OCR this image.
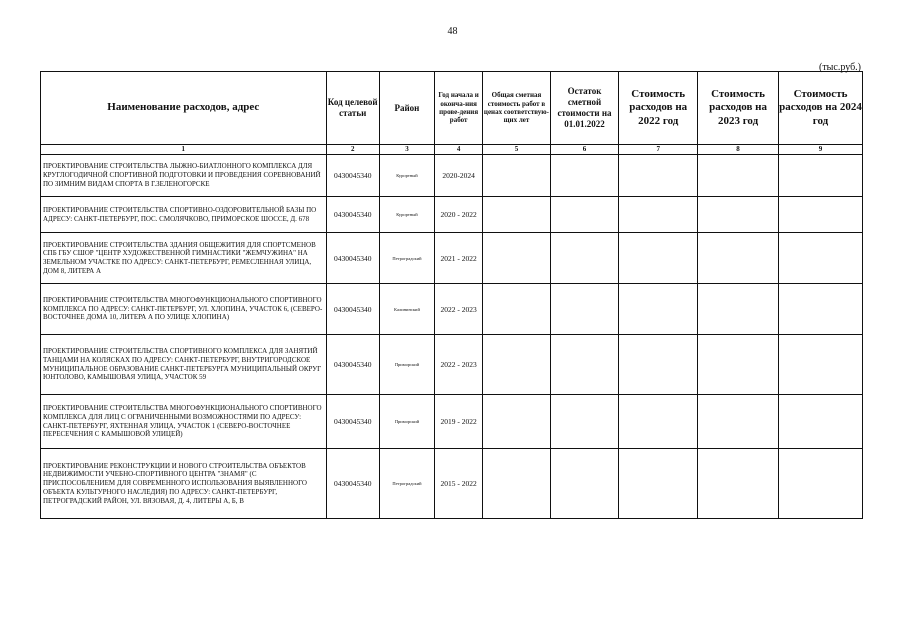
48
(тыс.руб.)
Наименование расходов, адрес	Код целевой статьи	Район	Год начала и оконча-ния прове-дения работ	Общая сметная стоимость работ в ценах соответствую-щих лет	Остаток сметной стоимости на 01.01.2022	Стоимость расходов на 2022 год	Стоимость расходов на 2023 год	Стоимость расходов на 2024 год
1	2	3	4	5	6	7	8	9
ПРОЕКТИРОВАНИЕ СТРОИТЕЛЬСТВА ЛЫЖНО-БИАТЛОННОГО КОМПЛЕКСА ДЛЯ КРУГЛОГОДИЧНОЙ СПОРТИВНОЙ ПОДГОТОВКИ И ПРОВЕДЕНИЯ СОРЕВНОВАНИЙ ПО ЗИМНИМ ВИДАМ СПОРТА В Г.ЗЕЛЕНОГОРСКЕ	0430045340	Курортный	2020-2024					
ПРОЕКТИРОВАНИЕ СТРОИТЕЛЬСТВА СПОРТИВНО-ОЗДОРОВИТЕЛЬНОЙ БАЗЫ ПО АДРЕСУ: САНКТ-ПЕТЕРБУРГ, ПОС. СМОЛЯЧКОВО, ПРИМОРСКОЕ ШОССЕ, Д. 678	0430045340	Курортный	2020 - 2022					
ПРОЕКТИРОВАНИЕ СТРОИТЕЛЬСТВА ЗДАНИЯ ОБЩЕЖИТИЯ ДЛЯ СПОРТСМЕНОВ СПБ ГБУ СШОР "ЦЕНТР ХУДОЖЕСТВЕННОЙ ГИМНАСТИКИ "ЖЕМЧУЖИНА" НА ЗЕМЕЛЬНОМ УЧАСТКЕ ПО АДРЕСУ: САНКТ-ПЕТЕРБУРГ, РЕМЕСЛЕННАЯ УЛИЦА, ДОМ 8, ЛИТЕРА А	0430045340	Петроградский	2021 - 2022					
ПРОЕКТИРОВАНИЕ СТРОИТЕЛЬСТВА МНОГОФУНКЦИОНАЛЬНОГО СПОРТИВНОГО КОМПЛЕКСА ПО АДРЕСУ: САНКТ-ПЕТЕРБУРГ, УЛ. ХЛОПИНА, УЧАСТОК 6, (СЕВЕРО-ВОСТОЧНЕЕ ДОМА 10, ЛИТЕРА А ПО УЛИЦЕ ХЛОПИНА)	0430045340	Калининский	2022 - 2023					
ПРОЕКТИРОВАНИЕ СТРОИТЕЛЬСТВА СПОРТИВНОГО КОМПЛЕКСА ДЛЯ ЗАНЯТИЙ ТАНЦАМИ НА КОЛЯСКАХ ПО АДРЕСУ: САНКТ-ПЕТЕРБУРГ, ВНУТРИГОРОДСКОЕ МУНИЦИПАЛЬНОЕ ОБРАЗОВАНИЕ САНКТ-ПЕТЕРБУРГА МУНИЦИПАЛЬНЫЙ ОКРУГ ЮНТОЛОВО, КАМЫШОВАЯ УЛИЦА, УЧАСТОК 59	0430045340	Приморский	2022 - 2023					
ПРОЕКТИРОВАНИЕ СТРОИТЕЛЬСТВА МНОГОФУНКЦИОНАЛЬНОГО СПОРТИВНОГО КОМПЛЕКСА ДЛЯ ЛИЦ С ОГРАНИЧЕННЫМИ ВОЗМОЖНОСТЯМИ ПО АДРЕСУ: САНКТ-ПЕТЕРБУРГ, ЯХТЕННАЯ УЛИЦА, УЧАСТОК 1 (СЕВЕРО-ВОСТОЧНЕЕ ПЕРЕСЕЧЕНИЯ С КАМЫШОВОЙ УЛИЦЕЙ)	0430045340	Приморский	2019 - 2022					
ПРОЕКТИРОВАНИЕ РЕКОНСТРУКЦИИ И НОВОГО СТРОИТЕЛЬСТВА ОБЪЕКТОВ НЕДВИЖИМОСТИ УЧЕБНО-СПОРТИВНОГО ЦЕНТРА "ЗНАМЯ" (С ПРИСПОСОБЛЕНИЕМ ДЛЯ СОВРЕМЕННОГО ИСПОЛЬЗОВАНИЯ ВЫЯВЛЕННОГО ОБЪЕКТА КУЛЬТУРНОГО НАСЛЕДИЯ) ПО АДРЕСУ: САНКТ-ПЕТЕРБУРГ, ПЕТРОГРАДСКИЙ РАЙОН, УЛ. ВЯЗОВАЯ, Д. 4, ЛИТЕРЫ А, Б, В	0430045340	Петроградский	2015 - 2022					
